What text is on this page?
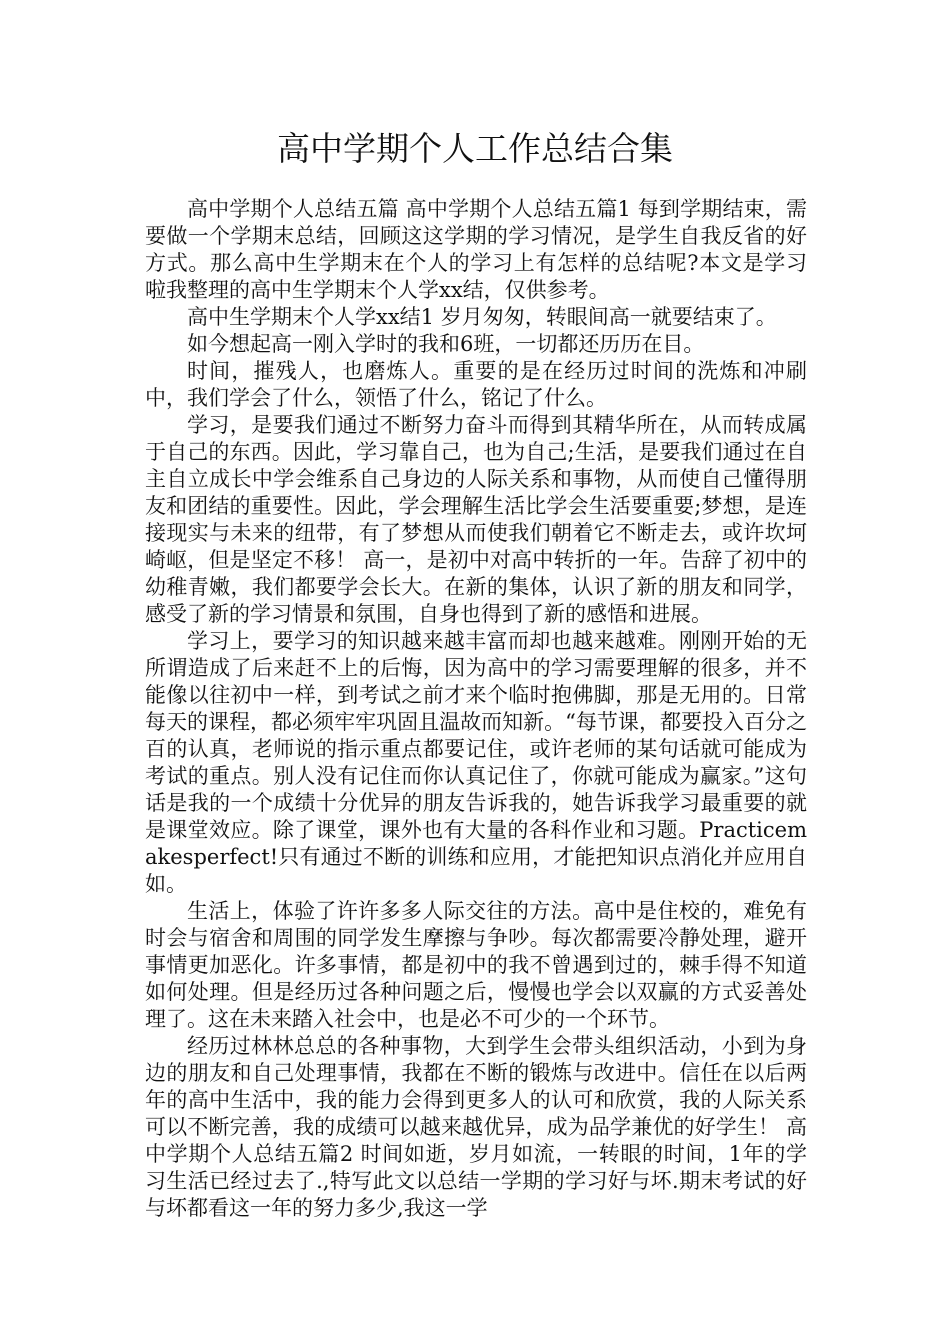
高中学期个人工作总结合集

高中学期个人总结五篇 高中学期个人总结五篇1 每到学期结束，需要做一个学期末总结，回顾这这学期的学习情况，是学生自我反省的好方式。那么高中生学期末在个人的学习上有怎样的总结呢?本文是学习啦我整理的高中生学期末个人学xx结，仅供参考。

高中生学期末个人学xx结1 岁月匆匆，转眼间高一就要结束了。

如今想起高一刚入学时的我和6班，一切都还历历在目。

时间，摧残人，也磨炼人。重要的是在经历过时间的洗炼和冲刷中，我们学会了什么，领悟了什么，铭记了什么。

学习，是要我们通过不断努力奋斗而得到其精华所在，从而转成属于自己的东西。因此，学习靠自己，也为自己;生活，是要我们通过在自主自立成长中学会维系自己身边的人际关系和事物，从而使自己懂得朋友和团结的重要性。因此，学会理解生活比学会生活要重要;梦想，是连接现实与未来的纽带，有了梦想从而使我们朝着它不断走去，或许坎坷崎岖，但是坚定不移！ 高一，是初中对高中转折的一年。告辞了初中的幼稚青嫩，我们都要学会长大。在新的集体，认识了新的朋友和同学，感受了新的学习情景和氛围，自身也得到了新的感悟和进展。

学习上，要学习的知识越来越丰富而却也越来越难。刚刚开始的无所谓造成了后来赶不上的后悔，因为高中的学习需要理解的很多，并不能像以往初中一样，到考试之前才来个临时抱佛脚，那是无用的。日常每天的课程，都必须牢牢巩固且温故而知新。“每节课，都要投入百分之百的认真，老师说的指示重点都要记住，或许老师的某句话就可能成为考试的重点。别人没有记住而你认真记住了，你就可能成为赢家。”这句话是我的一个成绩十分优异的朋友告诉我的，她告诉我学习最重要的就是课堂效应。除了课堂，课外也有大量的各科作业和习题。Practicemakesperfect!只有通过不断的训练和应用，才能把知识点消化并应用自如。

生活上，体验了许许多多人际交往的方法。高中是住校的，难免有时会与宿舍和周围的同学发生摩擦与争吵。每次都需要冷静处理，避开事情更加恶化。许多事情，都是初中的我不曾遇到过的，棘手得不知道如何处理。但是经历过各种问题之后，慢慢也学会以双赢的方式妥善处理了。这在未来踏入社会中，也是必不可少的一个环节。

经历过林林总总的各种事物，大到学生会带头组织活动，小到为身边的朋友和自己处理事情，我都在不断的锻炼与改进中。信任在以后两年的高中生活中，我的能力会得到更多人的认可和欣赏，我的人际关系可以不断完善，我的成绩可以越来越优异，成为品学兼优的好学生！ 高中学期个人总结五篇2 时间如逝，岁月如流，一转眼的时间，1年的学习生活已经过去了.,特写此文以总结一学期的学习好与坏.期末考试的好与坏都看这一年的努力多少,我这一学
